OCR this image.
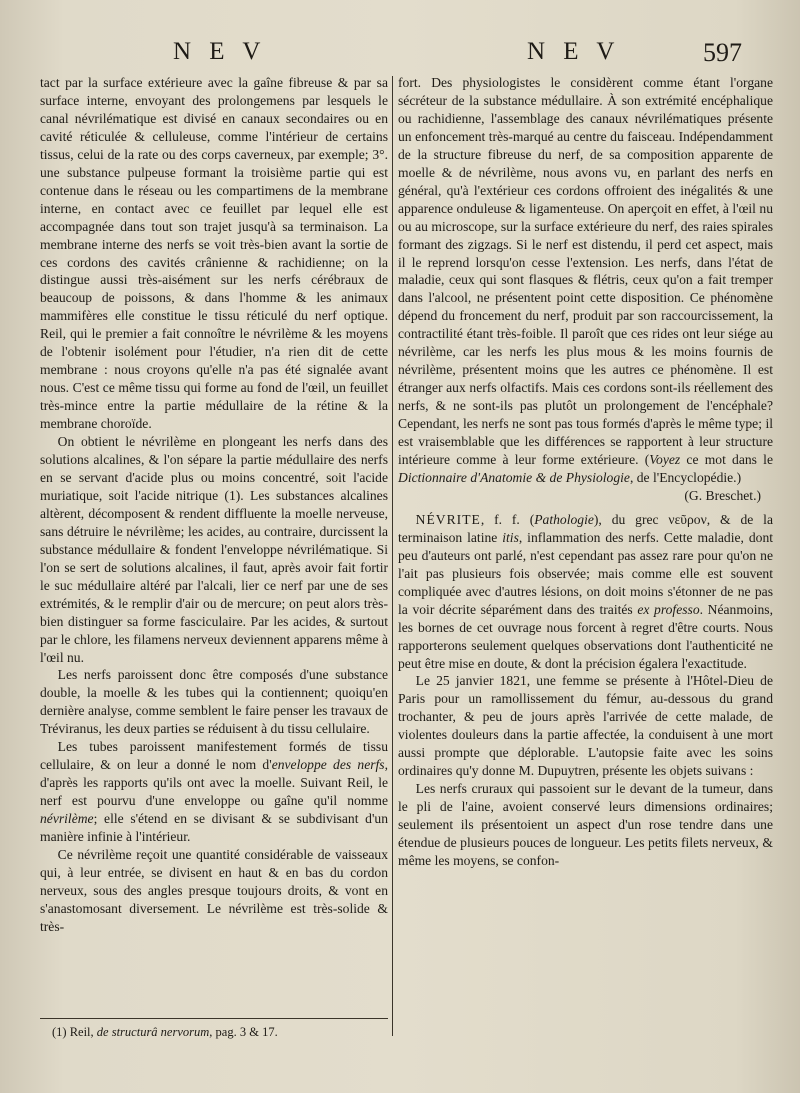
N E V	N E V	597

tact par la surface extérieure avec la gaîne fibreuse & par sa surface interne, envoyant des prolongemens par lesquels le canal névrilématique est divisé en canaux secondaires ou en cavité réticulée & celluleuse, comme l'intérieur de certains tissus, celui de la rate ou des corps caverneux, par exemple; 3°. une substance pulpeuse formant la troisième partie qui est contenue dans le réseau ou les compartimens de la membrane interne, en contact avec ce feuillet par lequel elle est accompagnée dans tout son trajet jusqu'à sa terminaison. La membrane interne des nerfs se voit très-bien avant la sortie de ces cordons des cavités crânienne & rachidienne; on la distingue aussi très-aisément sur les nerfs cérébraux de beaucoup de poissons, & dans l'homme & les animaux mammifères elle constitue le tissu réticulé du nerf optique. Reil, qui le premier a fait connoître le névrilème & les moyens de l'obtenir isolément pour l'étudier, n'a rien dit de cette membrane : nous croyons qu'elle n'a pas été signalée avant nous. C'est ce même tissu qui forme au fond de l'œil, un feuillet très-mince entre la partie médullaire de la rétine & la membrane choroïde.

On obtient le névrilème en plongeant les nerfs dans des solutions alcalines, & l'on sépare la partie médullaire des nerfs en se servant d'acide plus ou moins concentré, soit l'acide muriatique, soit l'acide nitrique (1). Les substances alcalines altèrent, décomposent & rendent diffluente la moelle nerveuse, sans détruire le névrilème; les acides, au contraire, durcissent la substance médullaire & fondent l'enveloppe névrilématique. Si l'on se sert de solutions alcalines, il faut, après avoir fait fortir le suc médullaire altéré par l'alcali, lier ce nerf par une de ses extrémités, & le remplir d'air ou de mercure; on peut alors très-bien distinguer sa forme fasciculaire. Par les acides, & surtout par le chlore, les filamens nerveux deviennent apparens même à l'œil nu.

Les nerfs paroissent donc être composés d'une substance double, la moelle & les tubes qui la contiennent; quoiqu'en dernière analyse, comme semblent le faire penser les travaux de Tréviranus, les deux parties se réduisent à du tissu cellulaire.

Les tubes paroissent manifestement formés de tissu cellulaire, & on leur a donné le nom d'enveloppe des nerfs, d'après les rapports qu'ils ont avec la moelle. Suivant Reil, le nerf est pourvu d'une enveloppe ou gaîne qu'il nomme névrilème; elle s'étend en se divisant & se subdivisant d'un manière infinie à l'intérieur.

Ce névrilème reçoit une quantité considérable de vaisseaux qui, à leur entrée, se divisent en haut & en bas du cordon nerveux, sous des angles presque toujours droits, & vont en s'anastomosant diversement. Le névrilème est très-solide & très-

(1) Reil, de structurâ nervorum, pag. 3 & 17.

fort. Des physiologistes le considèrent comme étant l'organe sécréteur de la substance médullaire. À son extrémité encéphalique ou rachidienne, l'assemblage des canaux névrilématiques présente un enfoncement très-marqué au centre du faisceau. Indépendamment de la structure fibreuse du nerf, de sa composition apparente de moelle & de névrilème, nous avons vu, en parlant des nerfs en général, qu'à l'extérieur ces cordons offroient des inégalités & une apparence onduleuse & ligamenteuse. On aperçoit en effet, à l'œil nu ou au microscope, sur la surface extérieure du nerf, des raies spirales formant des zigzags. Si le nerf est distendu, il perd cet aspect, mais il le reprend lorsqu'on cesse l'extension. Les nerfs, dans l'état de maladie, ceux qui sont flasques & flétris, ceux qu'on a fait tremper dans l'alcool, ne présentent point cette disposition. Ce phénomène dépend du froncement du nerf, produit par son raccourcissement, la contractilité étant très-foible. Il paroît que ces rides ont leur siége au névrilème, car les nerfs les plus mous & les moins fournis de névrilème, présentent moins que les autres ce phénomène. Il est étranger aux nerfs olfactifs. Mais ces cordons sont-ils réellement des nerfs, & ne sont-ils pas plutôt un prolongement de l'encéphale? Cependant, les nerfs ne sont pas tous formés d'après le même type; il est vraisemblable que les différences se rapportent à leur structure intérieure comme à leur forme extérieure. (Voyez ce mot dans le Dictionnaire d'Anatomie & de Physiologie, de l'Encyclopédie.)

(G. Breschet.)

NÉVRITE, f. f. (Pathologie), du grec νεῦρον, & de la terminaison latine itis, inflammation des nerfs. Cette maladie, dont peu d'auteurs ont parlé, n'est cependant pas assez rare pour qu'on ne l'ait pas plusieurs fois observée; mais comme elle est souvent compliquée avec d'autres lésions, on doit moins s'étonner de ne pas la voir décrite séparément dans des traités ex professo. Néanmoins, les bornes de cet ouvrage nous forcent à regret d'être courts. Nous rapporterons seulement quelques observations dont l'authenticité ne peut être mise en doute, & dont la précision égalera l'exactitude.

Le 25 janvier 1821, une femme se présente à l'Hôtel-Dieu de Paris pour un ramollissement du fémur, au-dessous du grand trochanter, & peu de jours après l'arrivée de cette malade, de violentes douleurs dans la partie affectée, la conduisent à une mort aussi prompte que déplorable. L'autopsie faite avec les soins ordinaires qu'y donne M. Dupuytren, présente les objets suivans :

Les nerfs cruraux qui passoient sur le devant de la tumeur, dans le pli de l'aine, avoient conservé leurs dimensions ordinaires; seulement ils présentoient un aspect d'un rose tendre dans une étendue de plusieurs pouces de longueur. Les petits filets nerveux, & même les moyens, se confon-
